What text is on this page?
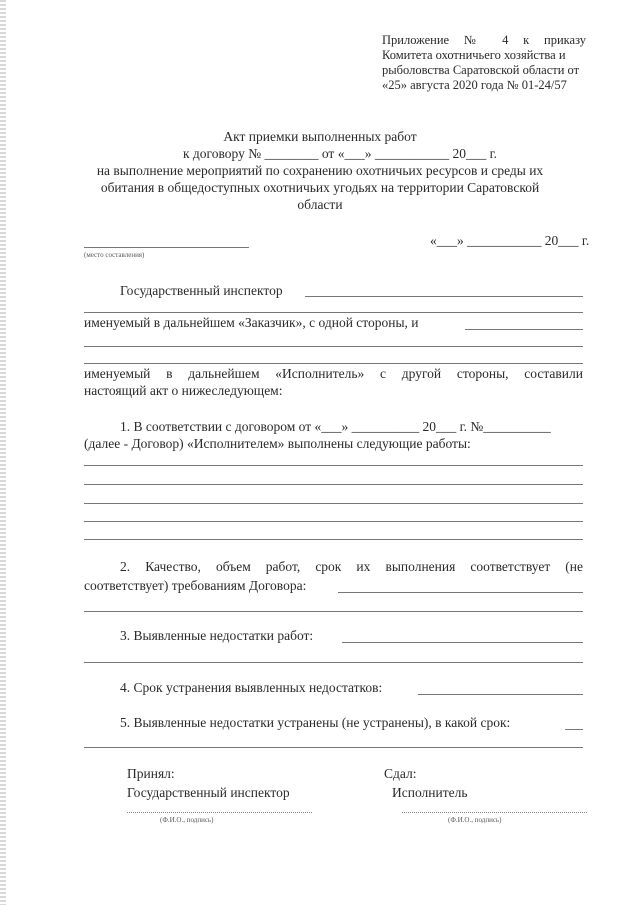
Приложение № 4 к приказу
Комитета охотничьего хозяйства и
рыболовства Саратовской области от
«25» августа 2020 года № 01-24/57
Акт приемки выполненных работ
к договору № ________ от «___» ___________ 20___ г.
на выполнение мероприятий по сохранению охотничьих ресурсов и среды их
обитания в общедоступных охотничьих угодьях на территории Саратовской
области
(место составления)
«___» ___________ 20___ г.
Государственный инспектор
именуемый в дальнейшем «Заказчик», с одной стороны, и
именуемый в дальнейшем «Исполнитель» с другой стороны, составили
настоящий акт о нижеследующем:
1. В соответствии с договором от «___» __________ 20___ г. №__________
(далее - Договор) «Исполнителем» выполнены следующие работы:
2. Качество, объем работ, срок их выполнения соответствует (не
соответствует) требованиям Договора:
3. Выявленные недостатки работ:
4. Срок устранения выявленных недостатков:
5. Выявленные недостатки устранены (не устранены), в какой срок:
Принял:
Государственный инспектор
(Ф.И.О., подпись)
Сдал:
Исполнитель
(Ф.И.О., подпись)
